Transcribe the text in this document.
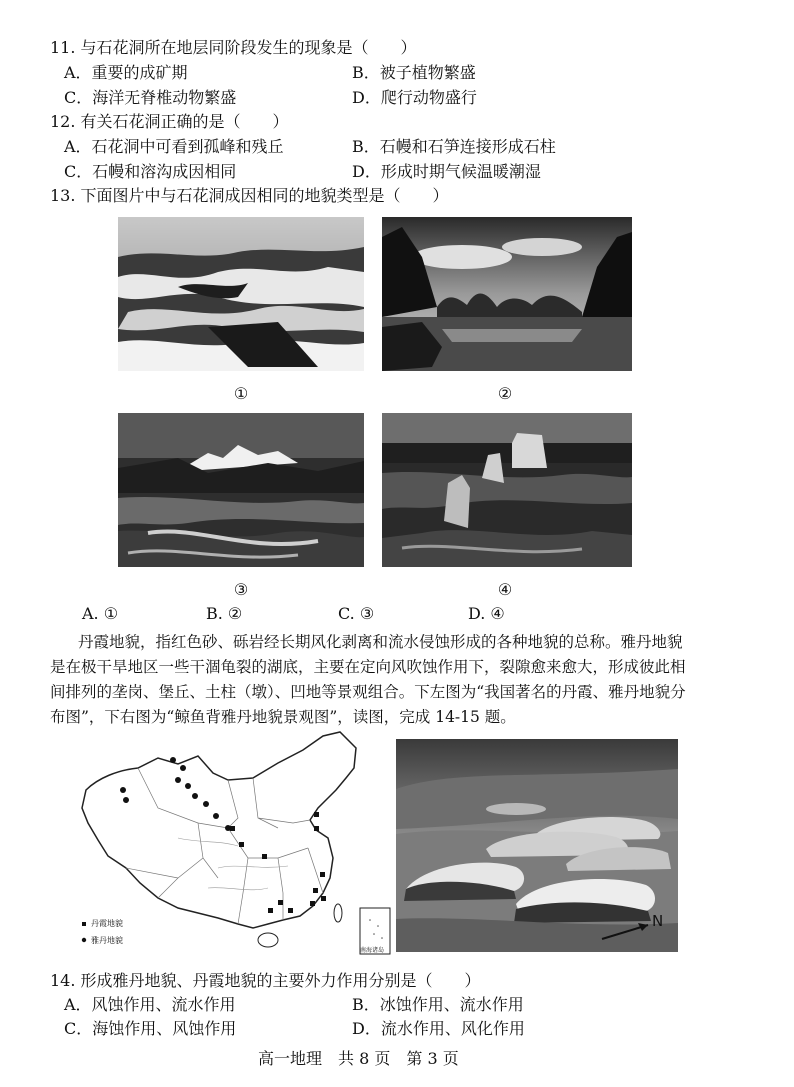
11. 与石花洞所在地层同阶段发生的现象是（　　）
A．重要的成矿期	B．被子植物繁盛
C．海洋无脊椎动物繁盛	D．爬行动物盛行
12. 有关石花洞正确的是（　　）
A．石花洞中可看到孤峰和残丘	B．石幔和石笋连接形成石柱
C．石幔和溶沟成因相同	D．形成时期气候温暖潮湿
13. 下面图片中与石花洞成因相同的地貌类型是（　　）
①	②
③	④
A. ①	B. ②	C. ③	D. ④
丹霞地貌，指红色砂、砾岩经长期风化剥离和流水侵蚀形成的各种地貌的总称。雅丹地貌
是在极干旱地区一些干涸龟裂的湖底，主要在定向风吹蚀作用下，裂隙愈来愈大，形成彼此相
间排列的垄岗、堡丘、土柱（墩）、凹地等景观组合。下左图为“我国著名的丹霞、雅丹地貌分
布图”，下右图为“鲸鱼背雅丹地貌景观图”，读图，完成 14-15 题。
丹霞地貌
雅丹地貌
南海诸岛
N
14. 形成雅丹地貌、丹霞地貌的主要外力作用分别是（　　）
A．风蚀作用、流水作用	B．冰蚀作用、流水作用
C．海蚀作用、风蚀作用	D．流水作用、风化作用
高一地理　共 8 页　第 3 页
